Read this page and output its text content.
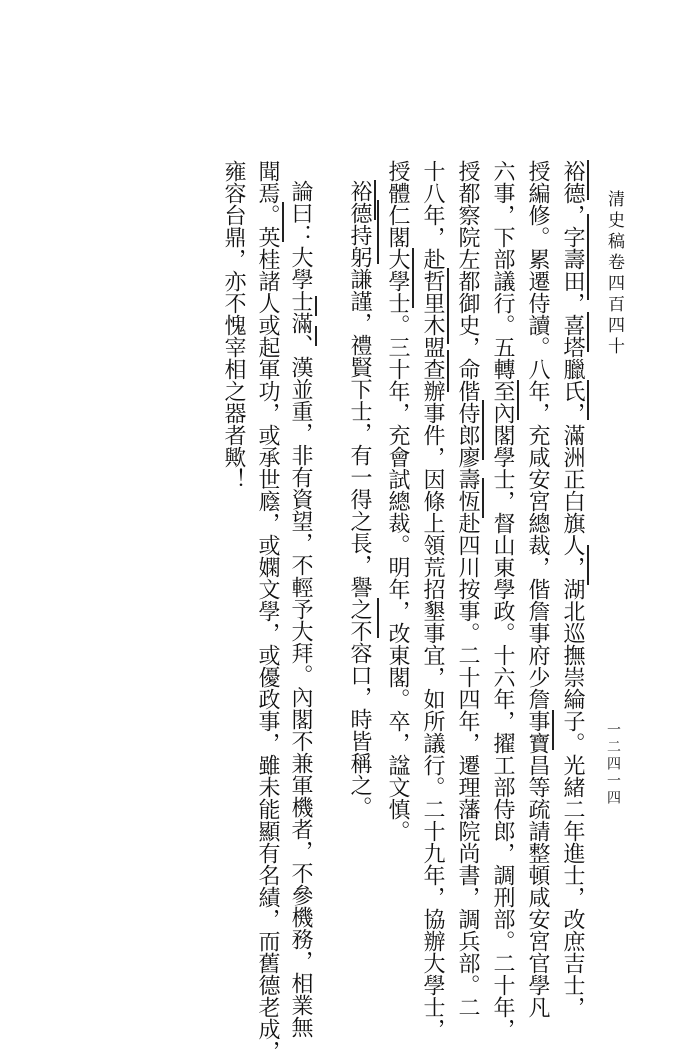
清史稿卷四百四十
一二四一四
裕德，字壽田，喜塔臘氏，滿洲正白旗人，湖北巡撫崇綸子。光緒二年進士，改庶吉士，
授編修。累遷侍讀。八年，充咸安宮總裁，偕詹事府少詹事寶昌等疏請整頓咸安宮官學凡
六事，下部議行。五轉至內閣學士，督山東學政。十六年，擢工部侍郎，調刑部。二十年，
授都察院左都御史，命偕侍郎廖壽恆赴四川按事。二十四年，遷理藩院尚書，調兵部。二
十八年，赴哲里木盟查辦事件，因條上領荒招墾事宜，如所議行。二十九年，協辦大學士，
授體仁閣大學士。三十年，充會試總裁。明年，改東閣。卒，諡文慎。
裕德持躬謙謹，禮賢下士，有一得之長，譽之不容口，時皆稱之。
論曰：大學士滿、漢並重，非有資望，不輕予大拜。內閣不兼軍機者，不參機務，相業無
聞焉。英桂諸人或起軍功，或承世廕，或嫻文學，或優政事，雖未能顯有名績，而舊德老成，
雍容台鼎，亦不愧宰相之器者歟！
